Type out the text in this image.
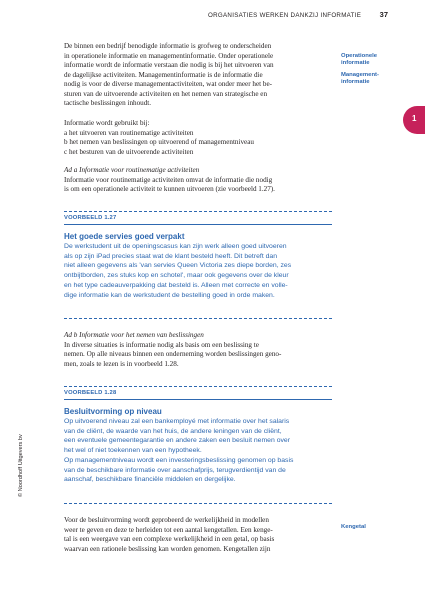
ORGANISATIES WERKEN DANKZIJ INFORMATIE 37
1
Operationele
informatie
Management-
informatie
Kengetal
De binnen een bedrijf benodigde informatie is grofweg te onderscheiden
in operationele informatie en managementinformatie. Onder operationele
informatie wordt de informatie verstaan die nodig is bij het uitvoeren van
de dagelijkse activiteiten. Managementinformatie is de informatie die
nodig is voor de diverse managementactiviteiten, wat onder meer het be-
sturen van de uitvoerende activiteiten en het nemen van strategische en
tactische beslissingen inhoudt.
Informatie wordt gebruikt bij:
a het uitvoeren van routinematige activiteiten
b het nemen van beslissingen op uitvoerend of managementniveau
c het besturen van de uitvoerende activiteiten
Ad a Informatie voor routinematige activiteiten
Informatie voor routinematige activiteiten omvat de informatie die nodig
is om een operationele activiteit te kunnen uitvoeren (zie voorbeeld 1.27).
VOORBEELD 1.27
Het goede servies goed verpakt
De werkstudent uit de openingscasus kan zijn werk alleen goed uitvoeren
als op zijn iPad precies staat wat de klant besteld heeft. Dit betreft dan
niet alleen gegevens als 'van servies Queen Victoria zes diepe borden, zes
ontbijtborden, zes stuks kop en schotel', maar ook gegevens over de kleur
en het type cadeauverpakking dat besteld is. Alleen met correcte en volle-
dige informatie kan de werkstudent de bestelling goed in orde maken.
Ad b Informatie voor het nemen van beslissingen
In diverse situaties is informatie nodig als basis om een beslissing te
nemen. Op alle niveaus binnen een onderneming worden beslissingen geno-
men, zoals te lezen is in voorbeeld 1.28.
VOORBEELD 1.28
Besluitvorming op niveau
Op uitvoerend niveau zal een bankemployé met informatie over het salaris
van de cliënt, de waarde van het huis, de andere leningen van de cliënt,
een eventuele gemeentegarantie en andere zaken een besluit nemen over
het wel of niet toekennen van een hypotheek.
Op managementniveau wordt een investeringsbeslissing genomen op basis
van de beschikbare informatie over aanschafprijs, terugverdientijd van de
aanschaf, beschikbare financiële middelen en dergelijke.
Voor de besluitvorming wordt geprobeerd de werkelijkheid in modellen
weer te geven en deze te herleiden tot een aantal kengetallen. Een kenge-
tal is een weergave van een complexe werkelijkheid in een getal, op basis
waarvan een rationele beslissing kan worden genomen. Kengetallen zijn
© Noordhoff Uitgevers bv
